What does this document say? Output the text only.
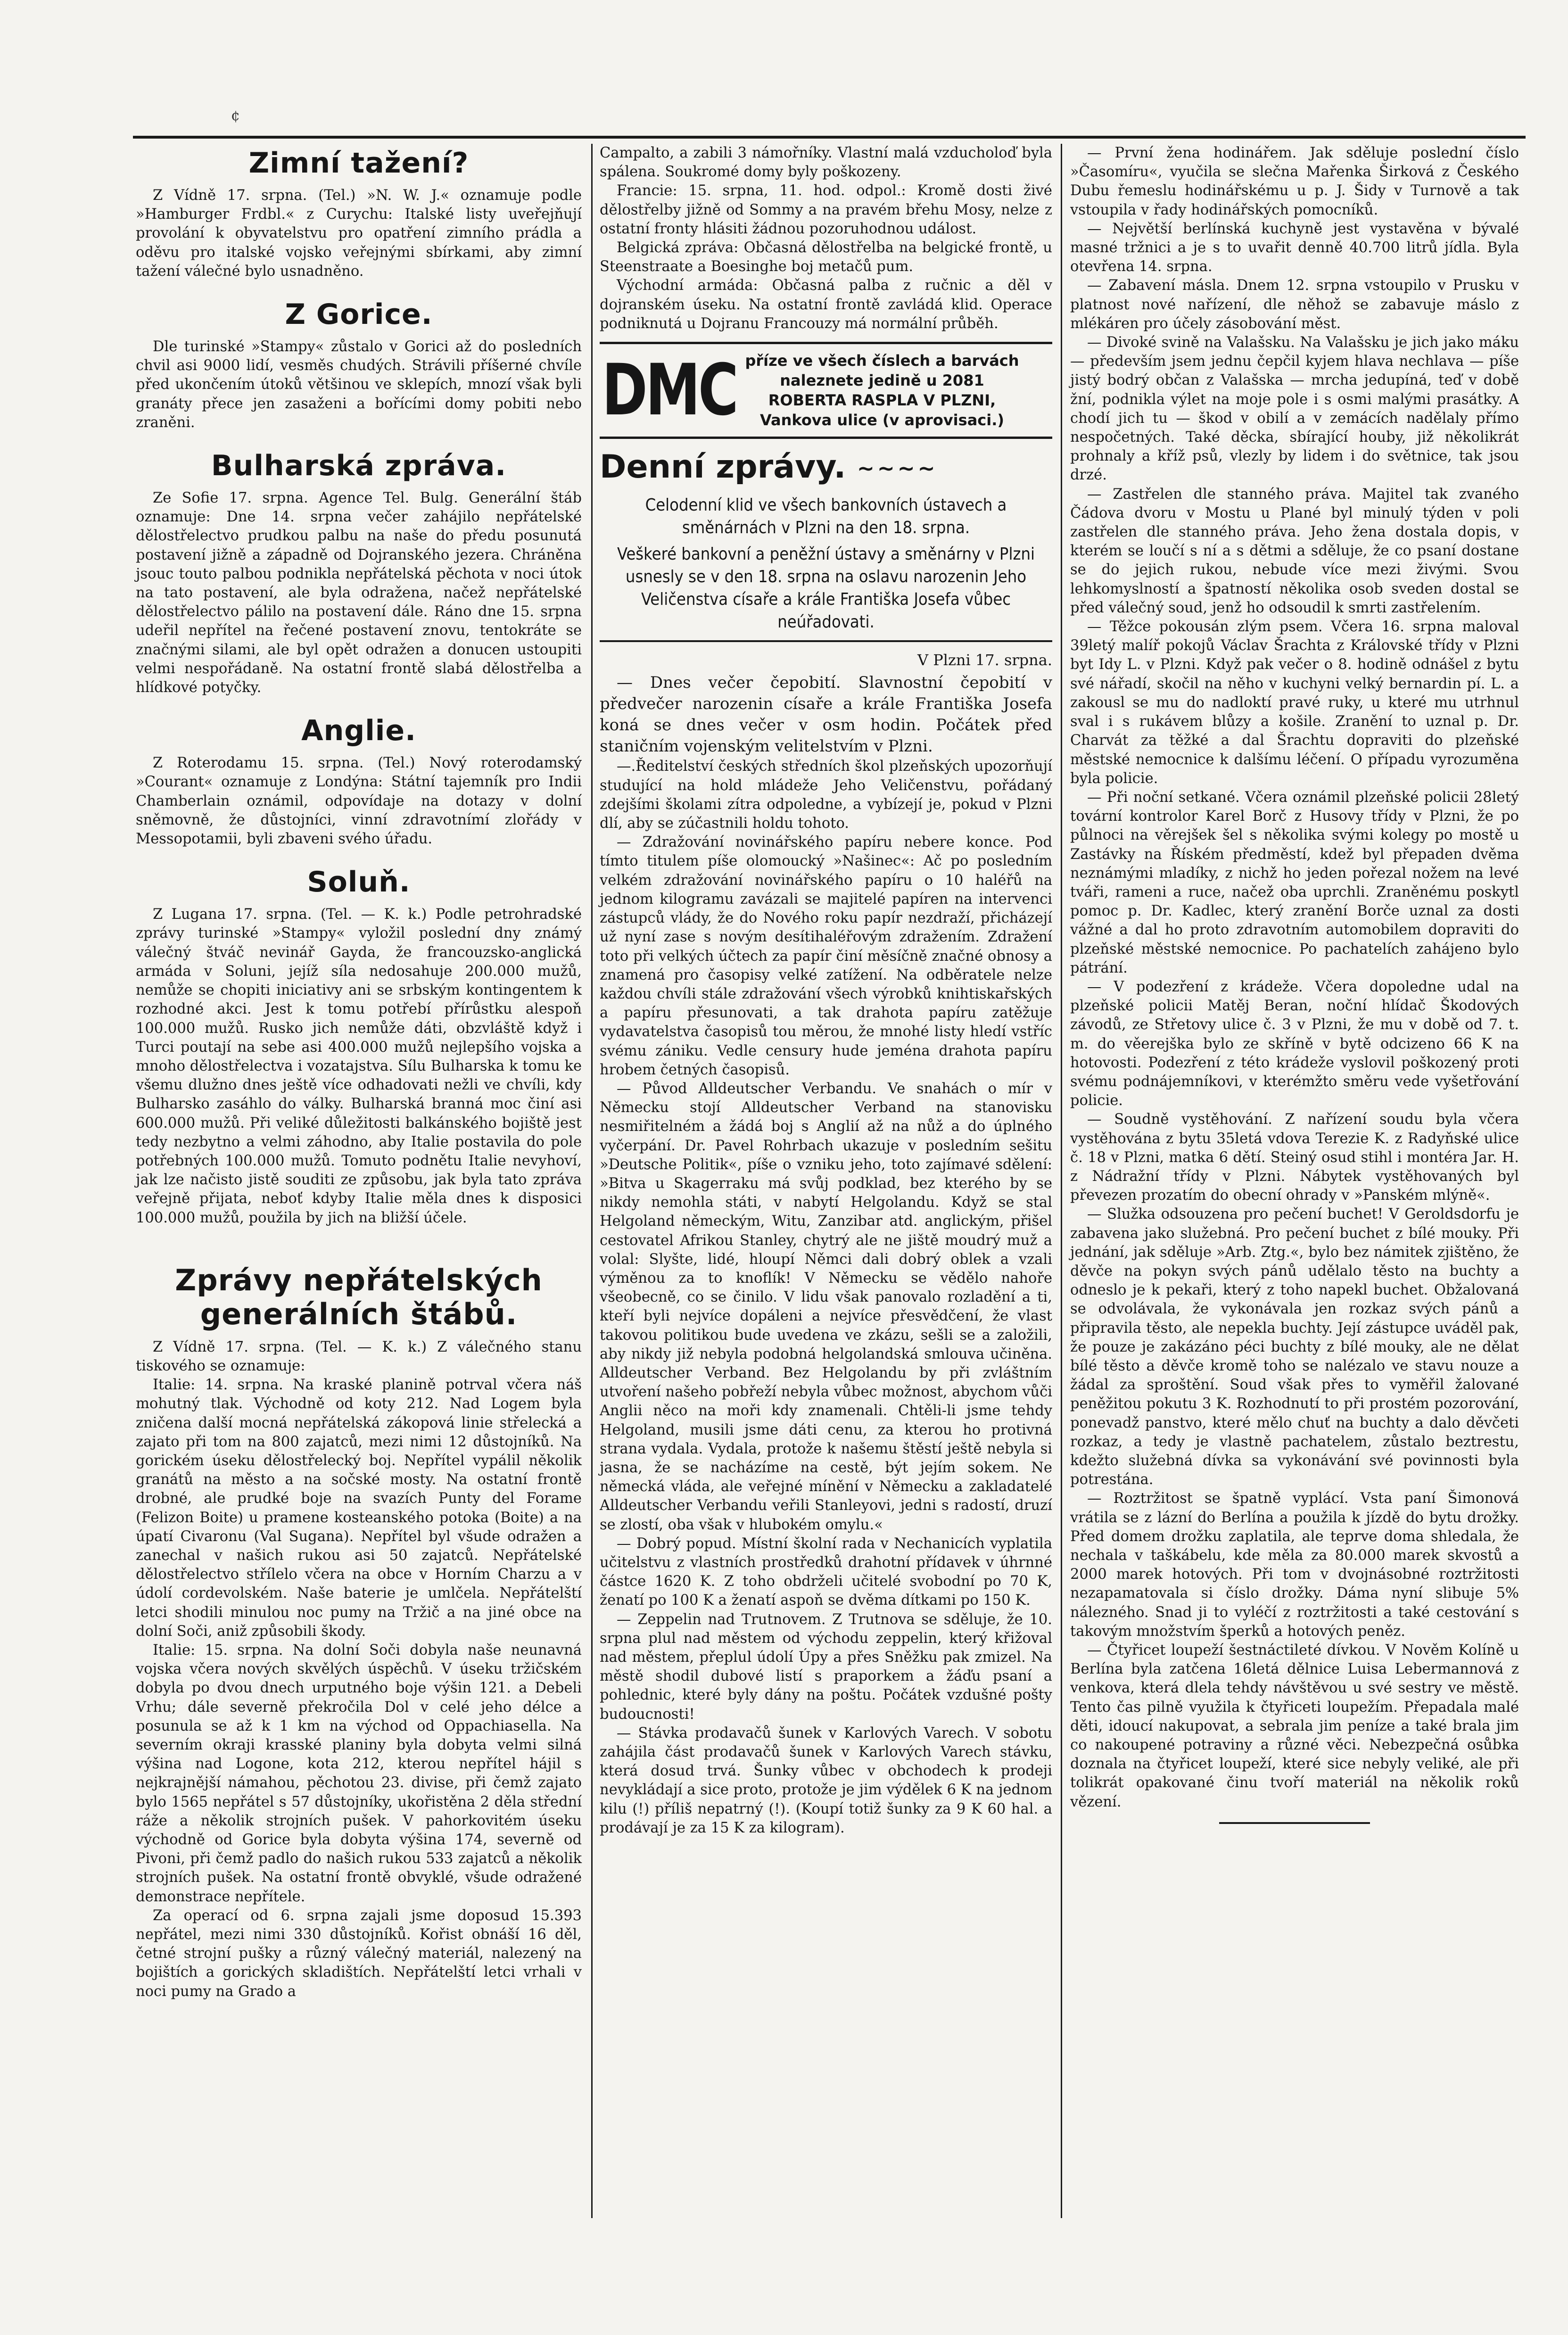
¢
Zimní tažení?

Z Vídně 17. srpna. (Tel.) »N. W. J.« oznamuje podle »Hamburger Frdbl.« z Curychu: Italské listy uveřejňují provolání k obyvatelstvu pro opatření zimního prádla a oděvu pro italské vojsko veřejnými sbírkami, aby zimní tažení válečné bylo usnadněno.

Z Gorice.

Dle turinské »Stampy« zůstalo v Gorici až do posledních chvil asi 9000 lidí, vesměs chudých. Strávili příšerné chvíle před ukončením útoků většinou ve sklepích, mnozí však byli granáty přece jen zasaženi a bořícími domy pobiti nebo zraněni.

Bulharská zpráva.

Ze Sofie 17. srpna. Agence Tel. Bulg. Generální štáb oznamuje: Dne 14. srpna večer zahájilo nepřátelské dělostřelectvo prudkou palbu na naše do předu posunutá postavení jižně a západně od Dojranského jezera. Chráněna jsouc touto palbou podnikla nepřátelská pěchota v noci útok na tato postavení, ale byla odražena, načež nepřátelské dělostřelectvo pálilo na postavení dále. Ráno dne 15. srpna udeřil nepřítel na řečené postavení znovu, tentokráte se značnými silami, ale byl opět odražen a donucen ustoupiti velmi nespořádaně. Na ostatní frontě slabá dělostřelba a hlídkové potyčky.

Anglie.

Z Roterodamu 15. srpna. (Tel.) Nový roterodamský »Courant« oznamuje z Londýna: Státní tajemník pro Indii Chamberlain oznámil, odpovídaje na dotazy v dolní sněmovně, že důstojníci, vinní zdravotnímí zlořády v Messopotamii, byli zbaveni svého úřadu.

Soluň.

Z Lugana 17. srpna. (Tel. — K. k.) Podle petrohradské zprávy turinské »Stampy« vyložil poslední dny známý válečný štváč nevinář Gayda, že francouzsko-anglická armáda v Soluni, jejíž síla nedosahuje 200.000 mužů, nemůže se chopiti iniciativy ani se srbským kontingentem k rozhodné akci. Jest k tomu potřebí přírůstku alespoň 100.000 mužů. Rusko jich nemůže dáti, obzvláště když i Turci poutají na sebe asi 400.000 mužů nejlepšího vojska a mnoho dělostřelectva i vozatajstva. Sílu Bulharska k tomu ke všemu dlužno dnes ještě více odhadovati nežli ve chvíli, kdy Bulharsko zasáhlo do války. Bulharská branná moc činí asi 600.000 mužů. Při veliké důležitosti balkánského bojiště jest tedy nezbytno a velmi záhodno, aby Italie postavila do pole potřebných 100.000 mužů. Tomuto podnětu Italie nevyhoví, jak lze načisto jistě souditi ze způsobu, jak byla tato zpráva veřejně přijata, neboť kdyby Italie měla dnes k disposici 100.000 mužů, použila by jich na bližší účele.

Zprávy nepřátelských generálních štábů.

Z Vídně 17. srpna. (Tel. — K. k.) Z válečného stanu tiskového se oznamuje:

Italie: 14. srpna. Na kraské planině potrval včera náš mohutný tlak. Východně od koty 212. Nad Logem byla zničena další mocná nepřátelská zákopová linie střelecká a zajato při tom na 800 zajatců, mezi nimi 12 důstojníků. Na gorickém úseku dělostřelecký boj. Nepřítel vypálil několik granátů na město a na sočské mosty. Na ostatní frontě drobné, ale prudké boje na svazích Punty del Forame (Felizon Boite) u pramene kosteanského potoka (Boite) a na úpatí Civaronu (Val Sugana). Nepřítel byl všude odražen a zanechal v našich rukou asi 50 zajatců. Nepřátelské dělostřelectvo střílelo včera na obce v Horním Charzu a v údolí cordevolském. Naše baterie je umlčela. Nepřátelští letci shodili minulou noc pumy na Tržič a na jiné obce na dolní Soči, aniž způsobili škody.

Italie: 15. srpna. Na dolní Soči dobyla naše neunavná vojska včera nových skvělých úspěchů. V úseku tržičském dobyla po dvou dnech urputného boje výšin 121. a Debeli Vrhu; dále severně překročila Dol v celé jeho délce a posunula se až k 1 km na východ od Oppachiasella. Na severním okraji krasské planiny byla dobyta velmi silná výšina nad Logone, kota 212, kterou nepřítel hájil s nejkrajnější námahou, pěchotou 23. divise, při čemž zajato bylo 1565 nepřátel s 57 důstojníky, ukořistěna 2 děla střední ráže a několik strojních pušek. V pahorkovitém úseku východně od Gorice byla dobyta výšina 174, severně od Pivoni, při čemž padlo do našich rukou 533 zajatců a několik strojních pušek. Na ostatní frontě obvyklé, všude odražené demonstrace nepřítele.

Za operací od 6. srpna zajali jsme doposud 15.393 nepřátel, mezi nimi 330 důstojníků. Kořist obnáší 16 děl, četné strojní pušky a různý válečný materiál, nalezený na bojištích a gorických skladištích. Nepřátelští letci vrhali v noci pumy na Grado a

Campalto, a zabili 3 námořníky. Vlastní malá vzducholoď byla spálena. Soukromé domy byly poškozeny.

Francie: 15. srpna, 11. hod. odpol.: Kromě dosti živé dělostřelby jižně od Sommy a na pravém břehu Mosy, nelze z ostatní fronty hlásiti žádnou pozoruhodnou událost.

Belgická zpráva: Občasná dělostřelba na belgické frontě, u Steenstraate a Boesinghe boj metačů pum.

Východní armáda: Občasná palba z ručnic a děl v dojranském úseku. Na ostatní frontě zavládá klid. Operace podniknutá u Dojranu Francouzy má normální průběh.

DMC příze ve všech číslech a barvách
naleznete jedině u 2081
ROBERTA RASPLA V PLZNI,
Vankova ulice (v aprovisaci.)
Denní zprávy. ~~~~
Celodenní klid ve všech bankovních ústavech a směnárnách v Plzni na den 18. srpna.
Veškeré bankovní a peněžní ústavy a směnárny v Plzni usnesly se v den 18. srpna na oslavu narozenin Jeho Veličenstva císaře a krále Františka Josefa vůbec neúřadovati.
V Plzni 17. srpna.

— Dnes večer čepobití. Slavnostní čepobití v předvečer narozenin císaře a krále Františka Josefa koná se dnes večer v osm hodin. Počátek před staničním vojenským velitelstvím v Plzni.

—.Ředitelství českých středních škol plzeňských upozorňují studující na hold mládeže Jeho Veličenstvu, pořádaný zdejšími školami zítra odpoledne, a vybízejí je, pokud v Plzni dlí, aby se zúčastnili holdu tohoto.

— Zdražování novinářského papíru nebere konce. Pod tímto titulem píše olomoucký »Našinec«: Ač po posledním velkém zdražování novinářského papíru o 10 haléřů na jednom kilogramu zavázali se majitelé papíren na intervenci zástupců vlády, že do Nového roku papír nezdraží, přicházejí už nyní zase s novým desítihaléřovým zdražením. Zdražení toto při velkých účtech za papír činí měsíčně značné obnosy a znamená pro časopisy velké zatížení. Na odběratele nelze každou chvíli stále zdražování všech výrobků knihtiskařských a papíru přesunovati, a tak drahota papíru zatěžuje vydavatelstva časopisů tou měrou, že mnohé listy hledí vstříc svému zániku. Vedle censury hude jeména drahota papíru hrobem četných časopisů.

— Původ Alldeutscher Verbandu. Ve snahách o mír v Německu stojí Alldeutscher Verband na stanovisku nesmiřitelném a žádá boj s Anglií až na nůž a do úplného vyčerpání. Dr. Pavel Rohrbach ukazuje v posledním sešitu »Deutsche Politik«, píše o vzniku jeho, toto zajímavé sdělení: »Bitva u Skagerraku má svůj podklad, bez kterého by se nikdy nemohla státi, v nabytí Helgolandu. Když se stal Helgoland německým, Witu, Zanzibar atd. anglickým, přišel cestovatel Afrikou Stanley, chytrý ale ne jiště moudrý muž a volal: Slyšte, lidé, hloupí Němci dali dobrý oblek a vzali výměnou za to knoflík! V Německu se vědělo nahoře všeobecně, co se činilo. V lidu však panovalo rozladění a ti, kteří byli nejvíce dopáleni a nejvíce přesvědčení, že vlast takovou politikou bude uvedena ve zkázu, sešli se a založili, aby nikdy již nebyla podobná helgolandská smlouva učiněna. Alldeutscher Verband. Bez Helgolandu by při zvláštním utvoření našeho pobřeží nebyla vůbec možnost, abychom vůči Anglii něco na moři kdy znamenali. Chtěli-li jsme tehdy Helgoland, musili jsme dáti cenu, za kterou ho protivná strana vydala. Vydala, protože k našemu štěstí ještě nebyla si jasna, že se nacházíme na cestě, být jejím sokem. Ne německá vláda, ale veřejné mínění v Německu a zakladatelé Alldeutscher Verbandu veřili Stanleyovi, jedni s radostí, druzí se zlostí, oba však v hlubokém omylu.«

— Dobrý popud. Místní školní rada v Nechanicích vyplatila učitelstvu z vlastních prostředků drahotní přídavek v úhrnné částce 1620 K. Z toho obdrželi učitelé svobodní po 70 K, ženatí po 100 K a ženatí aspoň se dvěma dítkami po 150 K.

— Zeppelin nad Trutnovem. Z Trutnova se sděluje, že 10. srpna plul nad městem od východu zeppelin, který křižoval nad městem, přeplul údolí Úpy a přes Sněžku pak zmizel. Na městě shodil dubové listí s praporkem a žáďu psaní a pohlednic, které byly dány na poštu. Počátek vzdušné pošty budoucnosti!

— Stávka prodavačů šunek v Karlových Varech. V sobotu zahájila část prodavačů šunek v Karlových Varech stávku, která dosud trvá. Šunky vůbec v obchodech k prodeji nevykládají a sice proto, protože je jim výdělek 6 K na jednom kilu (!) příliš nepatrný (!). (Koupí totiž šunky za 9 K 60 hal. a prodávají je za 15 K za kilogram).

— První žena hodinářem. Jak sděluje poslední číslo »Časomíru«, vyučila se slečna Mařenka Širková z Českého Dubu řemeslu hodinářskému u p. J. Šidy v Turnově a tak vstoupila v řady hodinářských pomocníků.

— Největší berlínská kuchyně jest vystavěna v bývalé masné tržnici a je s to uvařit denně 40.700 litrů jídla. Byla otevřena 14. srpna.

— Zabavení másla. Dnem 12. srpna vstoupilo v Prusku v platnost nové nařízení, dle něhož se zabavuje máslo z mlékáren pro účely zásobování měst.

— Divoké svině na Valašsku. Na Valašsku je jich jako máku — především jsem jednu čepčil kyjem hlava nechlava — píše jistý bodrý občan z Valašska — mrcha jedupíná, teď v době žní, podnikla výlet na moje pole i s osmi malými prasátky. A chodí jich tu — škod v obilí a v zemácích nadělaly přímo nespočetných. Také děcka, sbírající houby, již několikrát prohnaly a kříž psů, vlezly by lidem i do světnice, tak jsou drzé.

— Zastřelen dle stanného práva. Majitel tak zvaného Čádova dvoru v Mostu u Plané byl minulý týden v poli zastřelen dle stanného práva. Jeho žena dostala dopis, v kterém se loučí s ní a s dětmi a sděluje, že co psaní dostane se do jejich rukou, nebude více mezi živými. Svou lehkomyslností a špatností několika osob sveden dostal se před válečný soud, jenž ho odsoudil k smrti zastřelením.

— Těžce pokousán zlým psem. Včera 16. srpna maloval 39letý malíř pokojů Václav Šrachta z Královské třídy v Plzni byt Idy L. v Plzni. Když pak večer o 8. hodině odnášel z bytu své nářadí, skočil na něho v kuchyni velký bernardin pí. L. a zakousl se mu do nadloktí pravé ruky, u které mu utrhnul sval i s rukávem blůzy a košile. Zranění to uznal p. Dr. Charvát za těžké a dal Šrachtu dopraviti do plzeňské městské nemocnice k dalšímu léčení. O případu vyrozuměna byla policie.

— Při noční setkané. Včera oznámil plzeňské policii 28letý tovární kontrolor Karel Borč z Husovy třídy v Plzni, že po půlnoci na věrejšek šel s několika svými kolegy po mostě u Zastávky na Říském předměstí, kdež byl přepaden dvěma neznámými mladíky, z nichž ho jeden pořezal nožem na levé tváři, rameni a ruce, načež oba uprchli. Zraněnému poskytl pomoc p. Dr. Kadlec, který zranění Borče uznal za dosti vážné a dal ho proto zdravotním automobilem dopraviti do plzeňské městské nemocnice. Po pachatelích zahájeno bylo pátrání.

— V podezření z krádeže. Včera dopoledne udal na plzeňské policii Matěj Beran, noční hlídač Škodových závodů, ze Střetovy ulice č. 3 v Plzni, že mu v době od 7. t. m. do věerejška bylo ze skříně v bytě odcizeno 66 K na hotovosti. Podezření z této krádeže vyslovil poškozený proti svému podnájemníkovi, v kterémžto směru vede vyšetřování policie.

— Soudně vystěhování. Z nařízení soudu byla včera vystěhována z bytu 35letá vdova Terezie K. z Radyňské ulice č. 18 v Plzni, matka 6 dětí. Steiný osud stihl i montéra Jar. H. z Nádražní třídy v Plzni. Nábytek vystěhovaných byl převezen prozatím do obecní ohrady v »Panském mlýně«.

— Služka odsouzena pro pečení buchet! V Geroldsdorfu je zabavena jako služebná. Pro pečení buchet z bílé mouky. Při jednání, jak sděluje »Arb. Ztg.«, bylo bez námitek zjištěno, že děvče na pokyn svých pánů udělalo těsto na buchty a odneslo je k pekaři, který z toho napekl buchet. Obžalovaná se odvolávala, že vykonávala jen rozkaz svých pánů a připravila těsto, ale nepekla buchty. Její zástupce uváděl pak, že pouze je zakázáno péci buchty z bílé mouky, ale ne dělat bílé těsto a děvče kromě toho se nalézalo ve stavu nouze a žádal za sproštění. Soud však přes to vyměřil žalované peněžitou pokutu 3 K. Rozhodnutí to při prostém pozorování, ponevadž panstvo, které mělo chuť na buchty a dalo děvčeti rozkaz, a tedy je vlastně pachatelem, zůstalo beztrestu, kdežto služebná dívka sa vykonávání své povinnosti byla potrestána.

— Roztržitost se špatně vyplácí. Vsta paní Šimonová vrátila se z lázní do Berlína a použila k jízdě do bytu drožky. Před domem drožku zaplatila, ale teprve doma shledala, že nechala v taškábelu, kde měla za 80.000 marek skvostů a 2000 marek hotových. Při tom v dvojnásobné roztržitosti nezapamatovala si číslo drožky. Dáma nyní slibuje 5% nálezného. Snad ji to vyléčí z roztržitosti a také cestování s takovým množstvím šperků a hotových peněz.

— Čtyřicet loupeží šestnáctileté dívkou. V Nověm Kolíně u Berlína byla zatčena 16letá dělnice Luisa Lebermannová z venkova, která dlela tehdy návštěvou u své sestry ve městě. Tento čas pilně využila k čtyřiceti loupežím. Přepadala malé děti, idoucí nakupovat, a sebrala jim peníze a také brala jim co nakoupené potraviny a různé věci. Nebezpečná osůbka doznala na čtyřicet loupeží, které sice nebyly veliké, ale při tolikrát opakované činu tvoří materiál na několik roků vězení.
